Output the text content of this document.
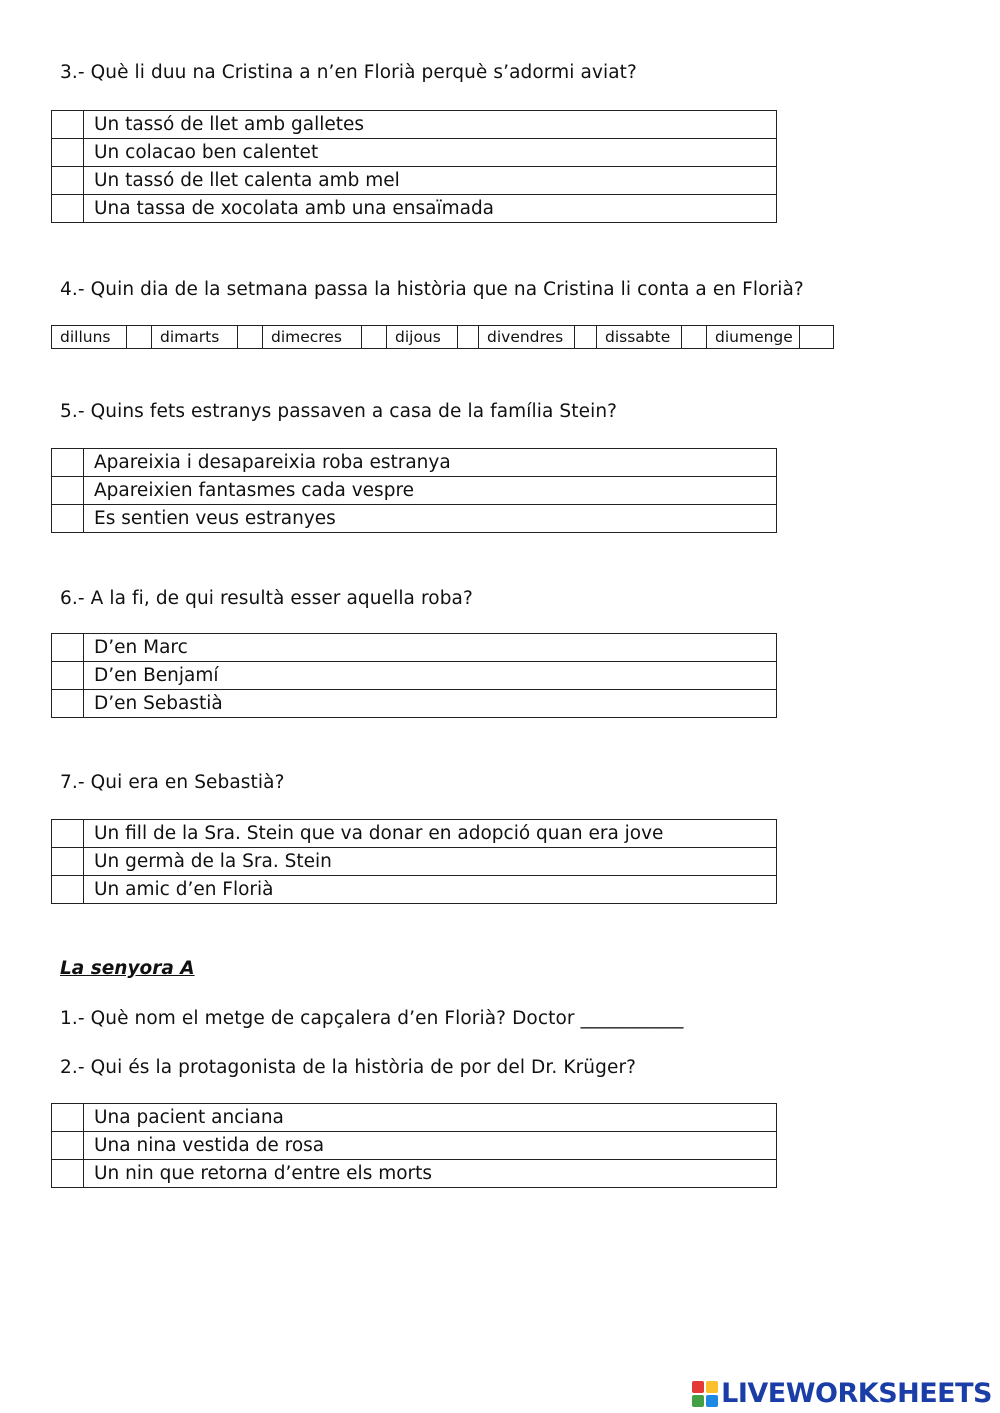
3.- Què li duu na Cristina a n’en Florià perquè s’adormi aviat?
	Un tassó de llet amb galletes
	Un colacao ben calentet
	Un tassó de llet calenta amb mel
	Una tassa de xocolata amb una ensaïmada
4.- Quin dia de la setmana passa la història que na Cristina li conta a en Florià?
dilluns		dimarts		dimecres		dijous		divendres		dissabte		diumenge	
5.- Quins fets estranys passaven a casa de la família Stein?
	Apareixia i desapareixia roba estranya
	Apareixien fantasmes cada vespre
	Es sentien veus estranyes
6.- A la fi, de qui resultà esser aquella roba?
	D’en Marc
	D’en Benjamí
	D’en Sebastià
7.- Qui era en Sebastià?
	Un fill de la Sra. Stein que va donar en adopció quan era jove
	Un germà de la Sra. Stein
	Un amic d’en Florià
La senyora A
1.- Què nom el metge de capçalera d’en Florià? Doctor ___________
2.- Qui és la protagonista de la història de por del Dr. Krüger?
	Una pacient anciana
	Una nina vestida de rosa
	Un nin que retorna d’entre els morts
LIVEWORKSHEETS
